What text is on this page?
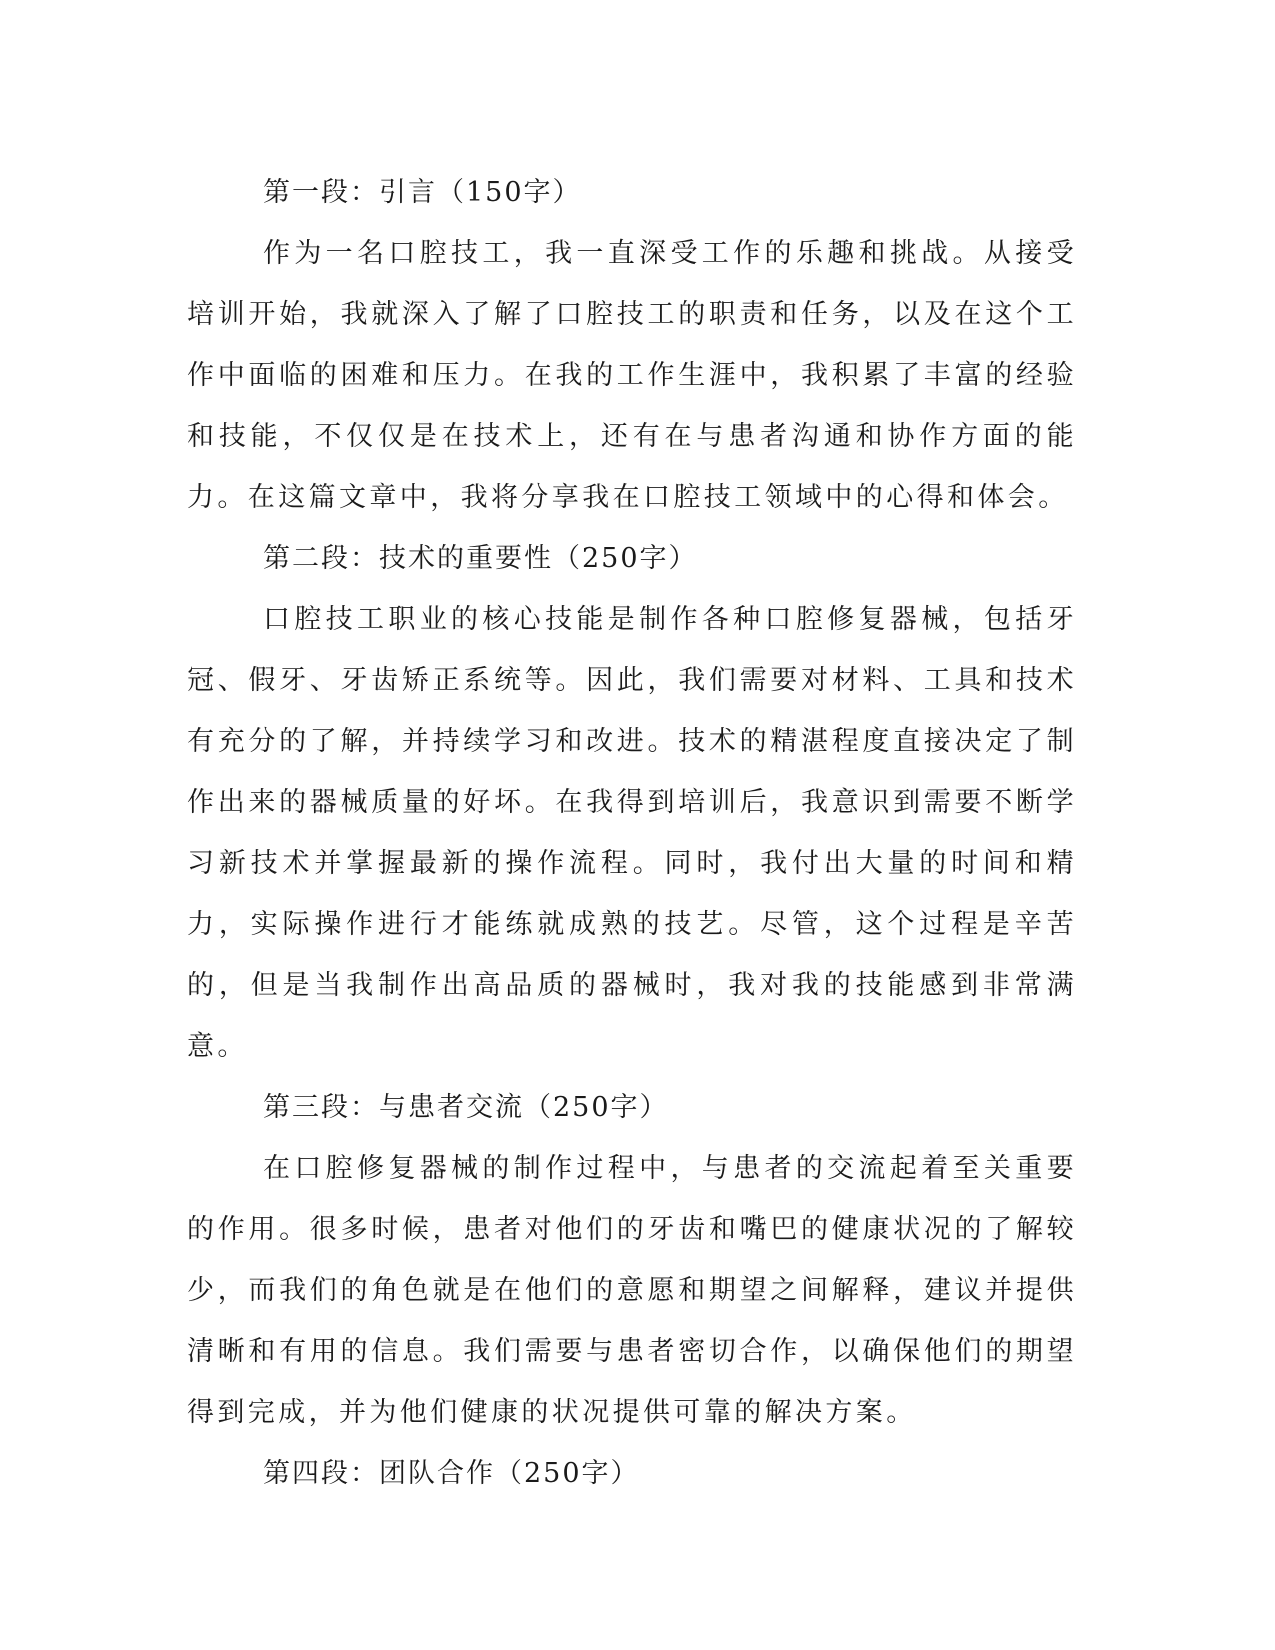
第一段：引言（150字）

作为一名口腔技工，我一直深受工作的乐趣和挑战。从接受培训开始，我就深入了解了口腔技工的职责和任务，以及在这个工作中面临的困难和压力。在我的工作生涯中，我积累了丰富的经验和技能，不仅仅是在技术上，还有在与患者沟通和协作方面的能力。在这篇文章中，我将分享我在口腔技工领域中的心得和体会。

第二段：技术的重要性（250字）

口腔技工职业的核心技能是制作各种口腔修复器械，包括牙冠、假牙、牙齿矫正系统等。因此，我们需要对材料、工具和技术有充分的了解，并持续学习和改进。技术的精湛程度直接决定了制作出来的器械质量的好坏。在我得到培训后，我意识到需要不断学习新技术并掌握最新的操作流程。同时，我付出大量的时间和精力，实际操作进行才能练就成熟的技艺。尽管，这个过程是辛苦的，但是当我制作出高品质的器械时，我对我的技能感到非常满意。

第三段：与患者交流（250字）

在口腔修复器械的制作过程中，与患者的交流起着至关重要的作用。很多时候，患者对他们的牙齿和嘴巴的健康状况的了解较少，而我们的角色就是在他们的意愿和期望之间解释，建议并提供清晰和有用的信息。我们需要与患者密切合作，以确保他们的期望得到完成，并为他们健康的状况提供可靠的解决方案。

第四段：团队合作（250字）
